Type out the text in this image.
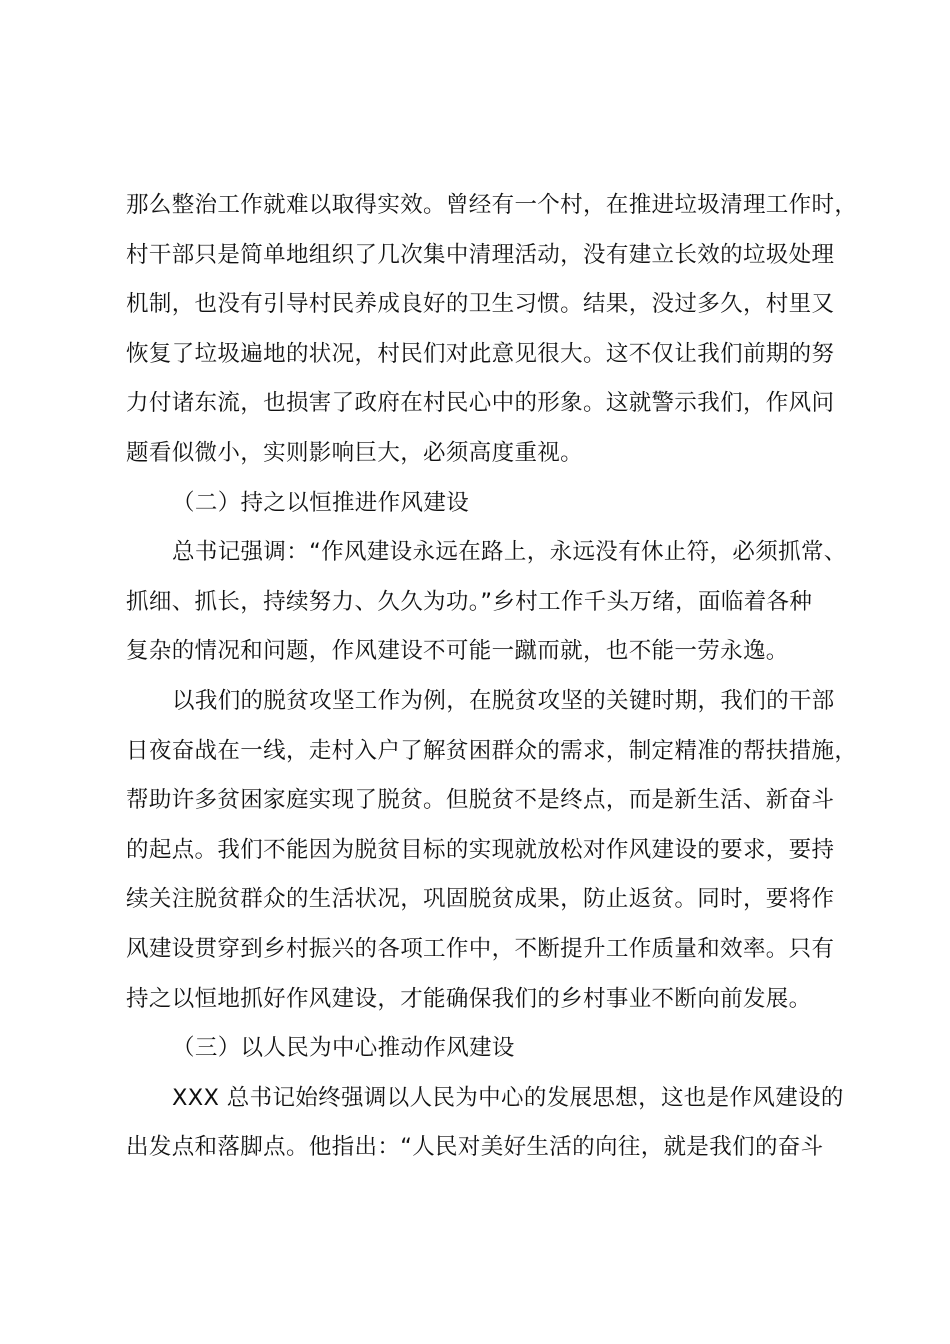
那么整治工作就难以取得实效。曾经有一个村，在推进垃圾清理工作时，
村干部只是简单地组织了几次集中清理活动，没有建立长效的垃圾处理
机制，也没有引导村民养成良好的卫生习惯。结果，没过多久，村里又
恢复了垃圾遍地的状况，村民们对此意见很大。这不仅让我们前期的努
力付诸东流，也损害了政府在村民心中的形象。这就警示我们，作风问
题看似微小，实则影响巨大，必须高度重视。
（二）持之以恒推进作风建设
总书记强调：“作风建设永远在路上，永远没有休止符，必须抓常、
抓细、抓长，持续努力、久久为功。”乡村工作千头万绪，面临着各种
复杂的情况和问题，作风建设不可能一蹴而就，也不能一劳永逸。
以我们的脱贫攻坚工作为例，在脱贫攻坚的关键时期，我们的干部
日夜奋战在一线，走村入户了解贫困群众的需求，制定精准的帮扶措施，
帮助许多贫困家庭实现了脱贫。但脱贫不是终点，而是新生活、新奋斗
的起点。我们不能因为脱贫目标的实现就放松对作风建设的要求，要持
续关注脱贫群众的生活状况，巩固脱贫成果，防止返贫。同时，要将作
风建设贯穿到乡村振兴的各项工作中，不断提升工作质量和效率。只有
持之以恒地抓好作风建设，才能确保我们的乡村事业不断向前发展。
（三）以人民为中心推动作风建设
XXX 总书记始终强调以人民为中心的发展思想，这也是作风建设的
出发点和落脚点。他指出：“人民对美好生活的向往，就是我们的奋斗
